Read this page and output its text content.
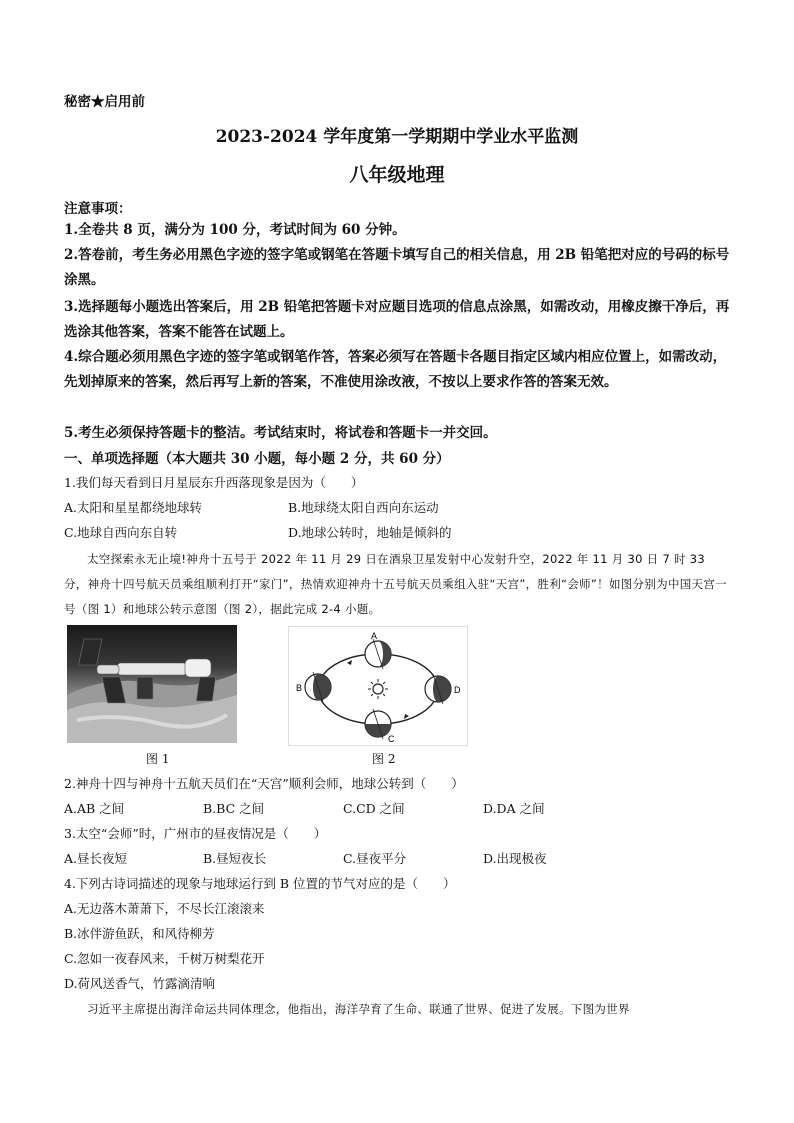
秘密★启用前
2023-2024 学年度第一学期期中学业水平监测
八年级地理
注意事项：
1.全卷共 8 页，满分为 100 分，考试时间为 60 分钟。
2.答卷前，考生务必用黑色字迹的签字笔或钢笔在答题卡填写自己的相关信息，用 2B 铅笔把对应的号码的标号涂黑。
3.选择题每小题选出答案后，用 2B 铅笔把答题卡对应题目选项的信息点涂黑，如需改动，用橡皮擦干净后，再选涂其他答案，答案不能答在试题上。
4.综合题必须用黑色字迹的签字笔或钢笔作答，答案必须写在答题卡各题目指定区域内相应位置上，如需改动，先划掉原来的答案，然后再写上新的答案，不准使用涂改液，不按以上要求作答的答案无效。
5.考生必须保持答题卡的整洁。考试结束时，将试卷和答题卡一并交回。
一、单项选择题（本大题共 30 小题，每小题 2 分，共 60 分）
1.我们每天看到日月星辰东升西落现象是因为（　　）
A.太阳和星星都绕地球转	B.地球绕太阳自西向东运动
C.地球自西向东自转	D.地球公转时，地轴是倾斜的
太空探索永无止境!神舟十五号于 2022 年 11 月 29 日在酒泉卫星发射中心发射升空，2022 年 11 月 30 日 7 时 33 分，神舟十四号航天员乘组顺利打开“家门”，热情欢迎神舟十五号航天员乘组入驻“天宫”，胜利“会师”！如图分别为中国天宫一号（图 1）和地球公转示意图（图 2），据此完成 2-4 小题。
图 1
A
B
C
D
图 2
2.神舟十四与神舟十五航天员们在“天宫”顺利会师，地球公转到（　　）
A.AB 之间	B.BC 之间	C.CD 之间	D.DA 之间
3.太空“会师”时，广州市的昼夜情况是（　　）
A.昼长夜短	B.昼短夜长	C.昼夜平分	D.出现极夜
4.下列古诗词描述的现象与地球运行到 B 位置的节气对应的是（　　）
A.无边落木萧萧下，不尽长江滚滚来
B.冰伴游鱼跃，和风待柳芳
C.忽如一夜春风来，千树万树梨花开
D.荷风送香气，竹露滴清响
习近平主席提出海洋命运共同体理念，他指出，海洋孕育了生命、联通了世界、促进了发展。下图为世界
